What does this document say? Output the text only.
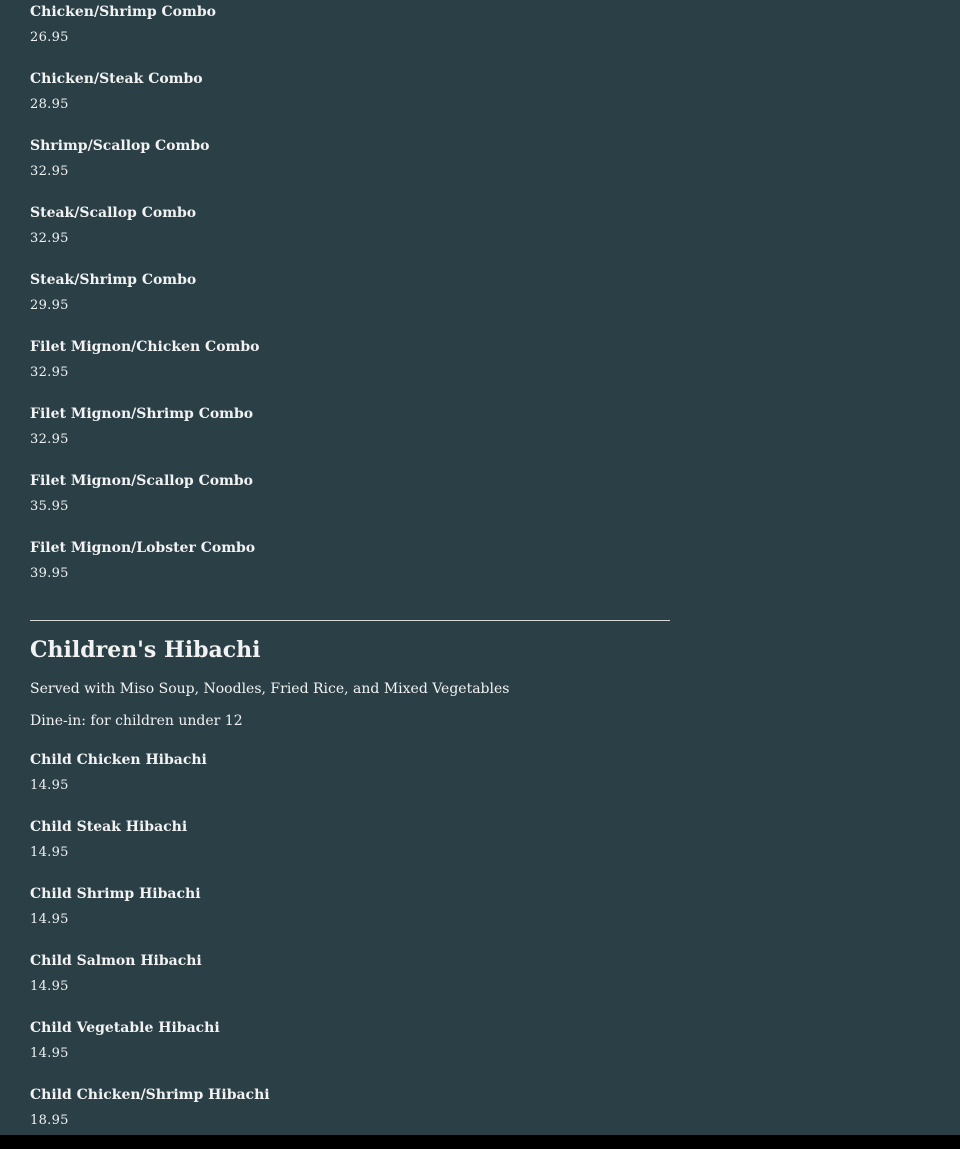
Chicken/Shrimp Combo
26.95
Chicken/Steak Combo
28.95
Shrimp/Scallop Combo
32.95
Steak/Scallop Combo
32.95
Steak/Shrimp Combo
29.95
Filet Mignon/Chicken Combo
32.95
Filet Mignon/Shrimp Combo
32.95
Filet Mignon/Scallop Combo
35.95
Filet Mignon/Lobster Combo
39.95
Children's Hibachi
Served with Miso Soup, Noodles, Fried Rice, and Mixed Vegetables
Dine-in: for children under 12
Child Chicken Hibachi
14.95
Child Steak Hibachi
14.95
Child Shrimp Hibachi
14.95
Child Salmon Hibachi
14.95
Child Vegetable Hibachi
14.95
Child Chicken/Shrimp Hibachi
18.95
